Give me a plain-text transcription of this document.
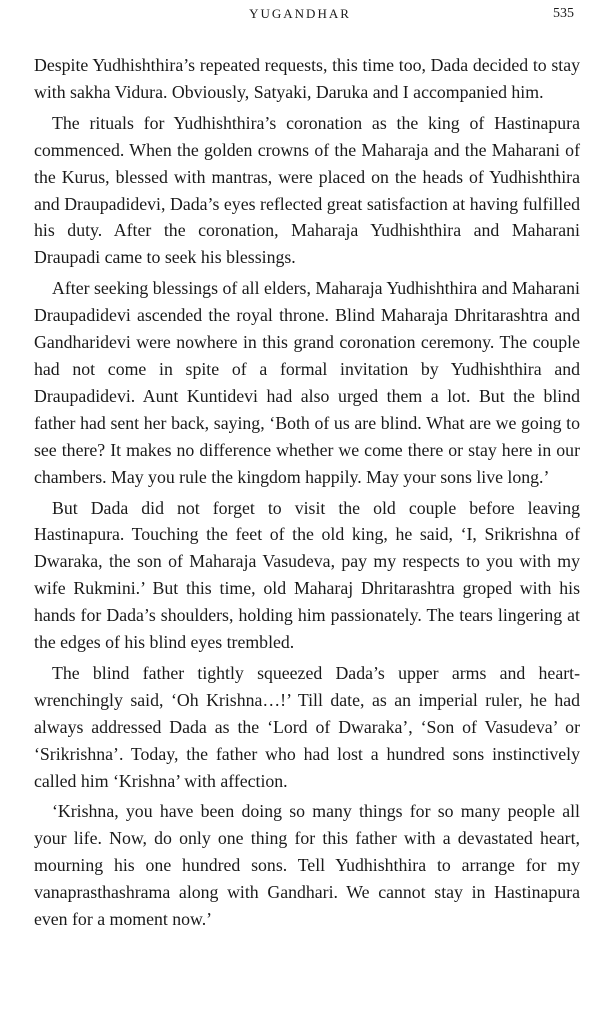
YUGANDHAR	535

Despite Yudhishthira’s repeated requests, this time too, Dada decided to stay with sakha Vidura. Obviously, Satyaki, Daruka and I accompanied him.

The rituals for Yudhishthira’s coronation as the king of Hastinapura commenced. When the golden crowns of the Maharaja and the Maharani of the Kurus, blessed with mantras, were placed on the heads of Yudhishthira and Draupadidevi, Dada’s eyes reflected great satisfaction at having fulfilled his duty. After the coronation, Maharaja Yudhishthira and Maharani Draupadi came to seek his blessings.

After seeking blessings of all elders, Maharaja Yudhishthira and Maharani Draupadidevi ascended the royal throne. Blind Maharaja Dhritarashtra and Gandharidevi were nowhere in this grand coronation ceremony. The couple had not come in spite of a formal invitation by Yudhishthira and Draupadidevi. Aunt Kuntidevi had also urged them a lot. But the blind father had sent her back, saying, ‘Both of us are blind. What are we going to see there? It makes no difference whether we come there or stay here in our chambers. May you rule the kingdom happily. May your sons live long.’

But Dada did not forget to visit the old couple before leaving Hastinapura. Touching the feet of the old king, he said, ‘I, Srikrishna of Dwaraka, the son of Maharaja Vasudeva, pay my respects to you with my wife Rukmini.’ But this time, old Maharaj Dhritarashtra groped with his hands for Dada’s shoulders, holding him passionately. The tears lingering at the edges of his blind eyes trembled.

The blind father tightly squeezed Dada’s upper arms and heart-wrenchingly said, ‘Oh Krishna…!’ Till date, as an imperial ruler, he had always addressed Dada as the ‘Lord of Dwaraka’, ‘Son of Vasudeva’ or ‘Srikrishna’. Today, the father who had lost a hundred sons instinctively called him ‘Krishna’ with affection.

‘Krishna, you have been doing so many things for so many people all your life. Now, do only one thing for this father with a devastated heart, mourning his one hundred sons. Tell Yudhishthira to arrange for my vanaprasthashrama along with Gandhari. We cannot stay in Hastinapura even for a moment now.’
